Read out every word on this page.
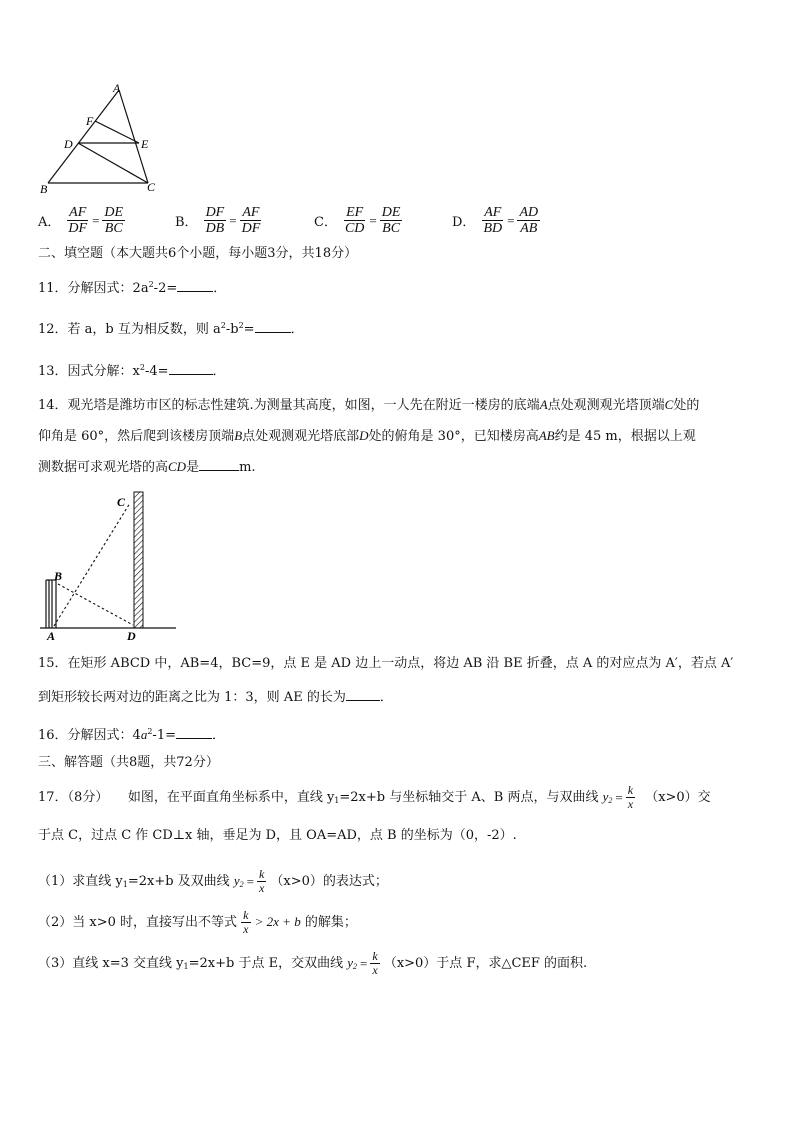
A
F
D	E
B	C
A． $\frac{AF}{DF} = \frac{DE}{BC}$	B． $\frac{DF}{DB} = \frac{AF}{DF}$	C． $\frac{EF}{CD} = \frac{DE}{BC}$	D． $\frac{AF}{BD} = \frac{AD}{AB}$
二、填空题（本大题共6个小题，每小题3分，共18分）
11．分解因式：$2a^2-2=$	．
12．若 a，b 互为相反数，则 $a^2-b^2=$	．
13．因式分解：$x^2-4=$	．
14．观光塔是潍坊市区的标志性建筑.为测量其高度，如图，一人先在附近一楼房的底端A点处观测观光塔顶端C处的
仰角是 60°，然后爬到该楼房顶端B点处观测观光塔底部D处的俯角是 30°，已知楼房高AB约是 45 m，根据以上观
测数据可求观光塔的高CD是	m.
C
B
A	D
15．在矩形 ABCD 中，AB=4，BC=9，点 E 是 AD 边上一动点，将边 AB 沿 BE 折叠，点 A 的对应点为 A′，若点 A′
到矩形较长两对边的距离之比为 1：3，则 AE 的长为	．
16．分解因式：$4a^2-1=$	．
三、解答题（共8题，共72分）
17．（8分）　　如图，在平面直角坐标系中，直线 $y_1=2x+b$ 与坐标轴交于 A、B 两点，与双曲线 $y_2 = \frac{k}{x} (x>0)$交
于点 C，过点 C 作 CD⊥x 轴，垂足为 D，且 OA=AD，点 B 的坐标为（0，-2）.
（1）求直线 $y_1=2x+b$ 及双曲线 $y_2 = \frac{k}{x} (x>0)$的表达式；
（2）当 x>0 时，直接写出不等式 $\frac{k}{x} > 2x + b$ 的解集；
（3）直线 x=3 交直线 $y_1=2x+b$ 于点 E，交双曲线 $y_2 = \frac{k}{x} (x>0)$于点 F，求△CEF 的面积.
